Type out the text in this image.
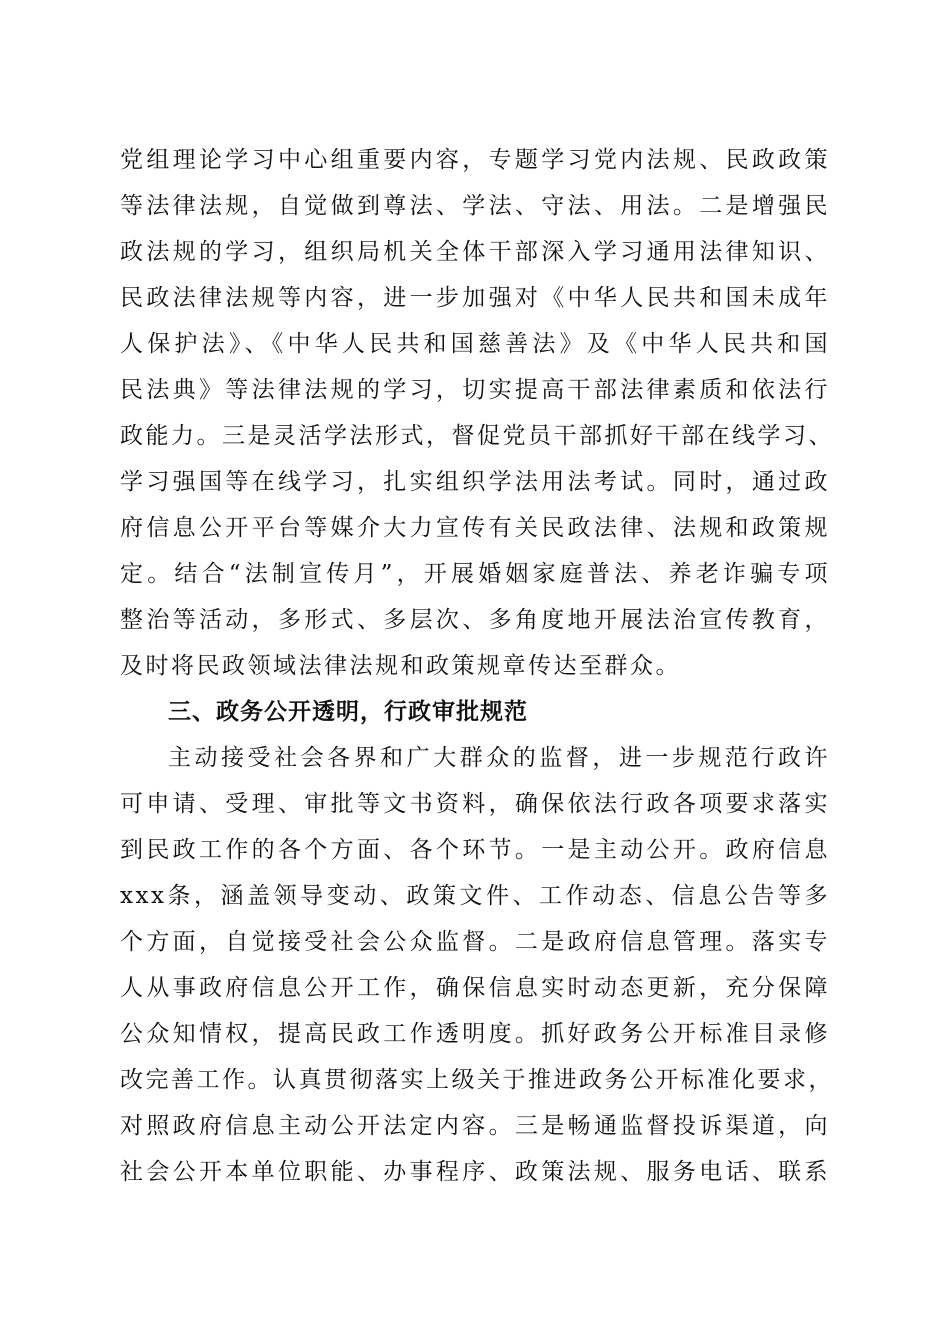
党组理论学习中心组重要内容，专题学习党内法规、民政政策
等法律法规，自觉做到尊法、学法、守法、用法。二是增强民
政法规的学习，组织局机关全体干部深入学习通用法律知识、
民政法律法规等内容，进一步加强对《中华人民共和国未成年
人保护法》、《中华人民共和国慈善法》及《中华人民共和国
民法典》等法律法规的学习，切实提高干部法律素质和依法行
政能力。三是灵活学法形式，督促党员干部抓好干部在线学习、
学习强国等在线学习，扎实组织学法用法考试。同时，通过政
府信息公开平台等媒介大力宣传有关民政法律、法规和政策规
定。结合“法制宣传月”，开展婚姻家庭普法、养老诈骗专项
整治等活动，多形式、多层次、多角度地开展法治宣传教育，
及时将民政领域法律法规和政策规章传达至群众。
三、政务公开透明，行政审批规范
主动接受社会各界和广大群众的监督，进一步规范行政许
可申请、受理、审批等文书资料，确保依法行政各项要求落实
到民政工作的各个方面、各个环节。一是主动公开。政府信息
xxx条，涵盖领导变动、政策文件、工作动态、信息公告等多
个方面，自觉接受社会公众监督。二是政府信息管理。落实专
人从事政府信息公开工作，确保信息实时动态更新，充分保障
公众知情权，提高民政工作透明度。抓好政务公开标准目录修
改完善工作。认真贯彻落实上级关于推进政务公开标准化要求，
对照政府信息主动公开法定内容。三是畅通监督投诉渠道，向
社会公开本单位职能、办事程序、政策法规、服务电话、联系
